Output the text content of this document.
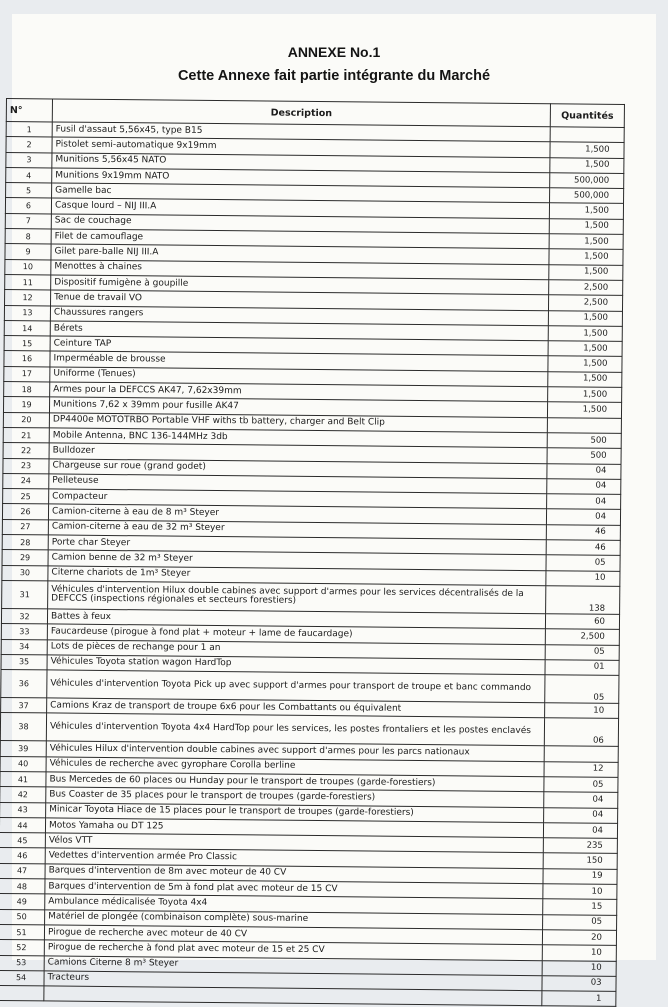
ANNEXE No.1
Cette Annexe fait partie intégrante du Marché
N°	Description	Quantités
1	Fusil d'assaut 5,56x45, type B15	
2	Pistolet semi-automatique 9x19mm	1,500
3	Munitions 5,56x45 NATO	1,500
4	Munitions 9x19mm NATO	500,000
5	Gamelle bac	500,000
6	Casque lourd – NIJ III.A	1,500
7	Sac de couchage	1,500
8	Filet de camouflage	1,500
9	Gilet pare-balle NIJ III.A	1,500
10	Menottes à chaines	1,500
11	Dispositif fumigène à goupille	2,500
12	Tenue de travail VO	2,500
13	Chaussures rangers	1,500
14	Bérets	1,500
15	Ceinture TAP	1,500
16	Imperméable de brousse	1,500
17	Uniforme (Tenues)	1,500
18	Armes pour la DEFCCS AK47, 7,62x39mm	1,500
19	Munitions 7,62 x 39mm pour fusille AK47	1,500
20	DP4400e MOTOTRBO Portable VHF withs tb battery, charger and Belt Clip	
21	Mobile Antenna, BNC 136-144MHz 3db	500
22	Bulldozer	500
23	Chargeuse sur roue (grand godet)	04
24	Pelleteuse	04
25	Compacteur	04
26	Camion-citerne à eau de 8 m³ Steyer	04
27	Camion-citerne à eau de 32 m³ Steyer	46
28	Porte char Steyer	46
29	Camion benne de 32 m³ Steyer	05
30	Citerne chariots de 1m³ Steyer	10
31	Véhicules d'intervention Hilux double cabines avec support d'armes pour les services décentralisés de la DEFCCS (inspections régionales et secteurs forestiers)	138
32	Battes à feux	60
33	Faucardeuse (pirogue à fond plat + moteur + lame de faucardage)	2,500
34	Lots de pièces de rechange pour 1 an	05
35	Véhicules Toyota station wagon HardTop	01
36	Véhicules d'intervention Toyota Pick up avec support d'armes pour transport de troupe et banc commando	05
37	Camions Kraz de transport de troupe 6x6 pour les Combattants ou équivalent	10
38	Véhicules d'intervention Toyota 4x4 HardTop pour les services, les postes frontaliers et les postes enclavés	06
39	Véhicules Hilux d'intervention double cabines avec support d'armes pour les parcs nationaux	
40	Véhicules de recherche avec gyrophare Corolla berline	12
41	Bus Mercedes de 60 places ou Hunday pour le transport de troupes (garde-forestiers)	05
42	Bus Coaster de 35 places pour le transport de troupes (garde-forestiers)	04
43	Minicar Toyota Hiace de 15 places pour le transport de troupes (garde-forestiers)	04
44	Motos Yamaha ou DT 125	04
45	Vélos VTT	235
46	Vedettes d'intervention armée Pro Classic	150
47	Barques d'intervention de 8m avec moteur de 40 CV	19
48	Barques d'intervention de 5m à fond plat avec moteur de 15 CV	10
49	Ambulance médicalisée Toyota 4x4	15
50	Matériel de plongée (combinaison complète) sous-marine	05
51	Pirogue de recherche avec moteur de 40 CV	20
52	Pirogue de recherche à fond plat avec moteur de 15 et 25 CV	10
53	Camions Citerne 8 m³ Steyer	10
54	Tracteurs	03
		1
